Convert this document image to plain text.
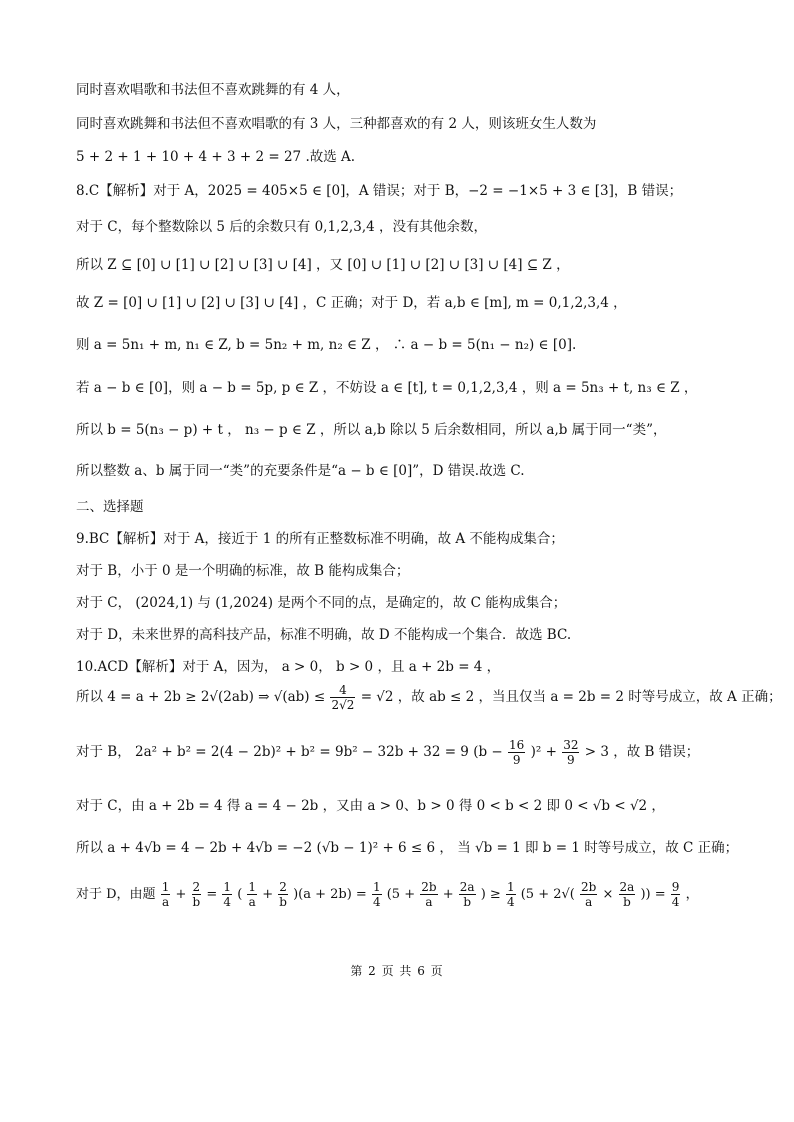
同时喜欢唱歌和书法但不喜欢跳舞的有 4 人，
同时喜欢跳舞和书法但不喜欢唱歌的有 3 人，三种都喜欢的有 2 人，则该班女生人数为
5 + 2 + 1 + 10 + 4 + 3 + 2 = 27 .故选 A.
8.C【解析】对于 A，2025 = 405×5 ∈ [0]，A 错误；对于 B，−2 = −1×5 + 3 ∈ [3]，B 错误；
对于 C，每个整数除以 5 后的余数只有 0,1,2,3,4 ，没有其他余数，
所以 Z ⊆ [0] ∪ [1] ∪ [2] ∪ [3] ∪ [4] ，又 [0] ∪ [1] ∪ [2] ∪ [3] ∪ [4] ⊆ Z ，
故 Z = [0] ∪ [1] ∪ [2] ∪ [3] ∪ [4] ，C 正确；对于 D，若 a,b ∈ [m], m = 0,1,2,3,4 ，
则 a = 5n₁ + m, n₁ ∈ Z, b = 5n₂ + m, n₂ ∈ Z ， ∴ a − b = 5(n₁ − n₂) ∈ [0].
若 a − b ∈ [0]，则 a − b = 5p, p ∈ Z ，不妨设 a ∈ [t], t = 0,1,2,3,4 ，则 a = 5n₃ + t, n₃ ∈ Z ，
所以 b = 5(n₃ − p) + t ， n₃ − p ∈ Z ，所以 a,b 除以 5 后余数相同，所以 a,b 属于同一“类”，
所以整数 a、b 属于同一“类”的充要条件是“a − b ∈ [0]”，D 错误.故选 C.
二、选择题
9.BC【解析】对于 A，接近于 1 的所有正整数标准不明确，故 A 不能构成集合；
对于 B，小于 0 是一个明确的标准，故 B 能构成集合；
对于 C， (2024,1) 与 (1,2024) 是两个不同的点，是确定的，故 C 能构成集合；
对于 D，未来世界的高科技产品，标准不明确，故 D 不能构成一个集合．故选 BC.
10.ACD【解析】对于 A，因为， a > 0， b > 0 ，且 a + 2b = 4 ，
所以 4 = a + 2b ≥ 2√(2ab) ⇒ $√(ab) \le \frac{4}{2√2} = √2$ ，故 ab ≤ 2 ，当且仅当 a = 2b = 2 时等号成立，故 A 正确；
对于 B， 2a² + b² = 2(4 − 2b)² + b² = 9b² − 32b + 32 = 9 $(b - \frac{16}{9} )^2 + \frac{32}{9} > 3$ ，故 B 错误；
对于 C，由 a + 2b = 4 得 a = 4 − 2b ，又由 a > 0、b > 0 得 0 < b < 2 即 0 < √b < √2 ，
所以 a + 4√b = 4 − 2b + 4√b = −2 (√b − 1)² + 6 ≤ 6 ， 当 √b = 1 即 b = 1 时等号成立，故 C 正确；
对于 D，由题 $\frac{1}{a} + \frac{2}{b} = \frac{1}{4}$ ( $\frac{1}{a} + \frac{2}{b} )(a + 2b) = \frac{1}{4} (5 + \frac{2b}{a} + \frac{2a}{b}$ ) ≥ $\frac{1}{4} (5 + 2√( \frac{2b}{a} \times \frac{2a}{b}$ )) = $\frac{9}{4}$ ，
第 2 页 共 6 页
